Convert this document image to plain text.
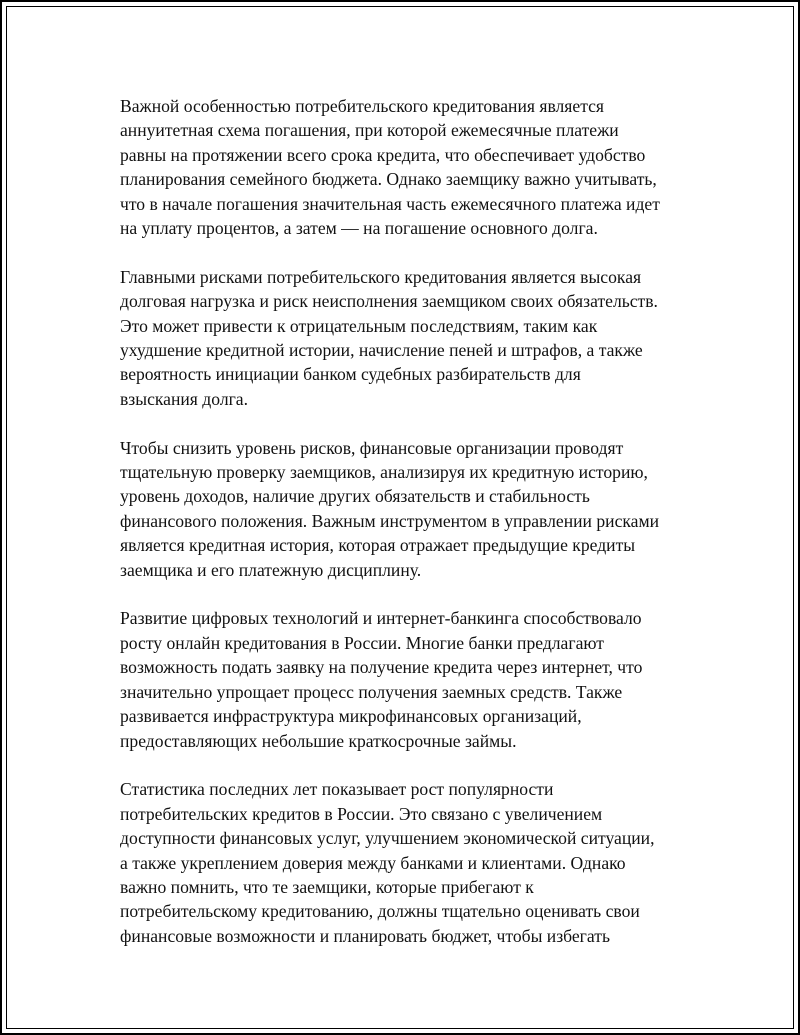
Важной особенностью потребительского кредитования является
аннуитетная схема погашения, при которой ежемесячные платежи
равны на протяжении всего срока кредита, что обеспечивает удобство
планирования семейного бюджета. Однако заемщику важно учитывать,
что в начале погашения значительная часть ежемесячного платежа идет
на уплату процентов, а затем — на погашение основного долга.

Главными рисками потребительского кредитования является высокая
долговая нагрузка и риск неисполнения заемщиком своих обязательств.
Это может привести к отрицательным последствиям, таким как
ухудшение кредитной истории, начисление пеней и штрафов, а также
вероятность инициации банком судебных разбирательств для
взыскания долга.

Чтобы снизить уровень рисков, финансовые организации проводят
тщательную проверку заемщиков, анализируя их кредитную историю,
уровень доходов, наличие других обязательств и стабильность
финансового положения. Важным инструментом в управлении рисками
является кредитная история, которая отражает предыдущие кредиты
заемщика и его платежную дисциплину.

Развитие цифровых технологий и интернет-банкинга способствовало
росту онлайн кредитования в России. Многие банки предлагают
возможность подать заявку на получение кредита через интернет, что
значительно упрощает процесс получения заемных средств. Также
развивается инфраструктура микрофинансовых организаций,
предоставляющих небольшие краткосрочные займы.

Статистика последних лет показывает рост популярности
потребительских кредитов в России. Это связано с увеличением
доступности финансовых услуг, улучшением экономической ситуации,
а также укреплением доверия между банками и клиентами. Однако
важно помнить, что те заемщики, которые прибегают к
потребительскому кредитованию, должны тщательно оценивать свои
финансовые возможности и планировать бюджет, чтобы избегать
